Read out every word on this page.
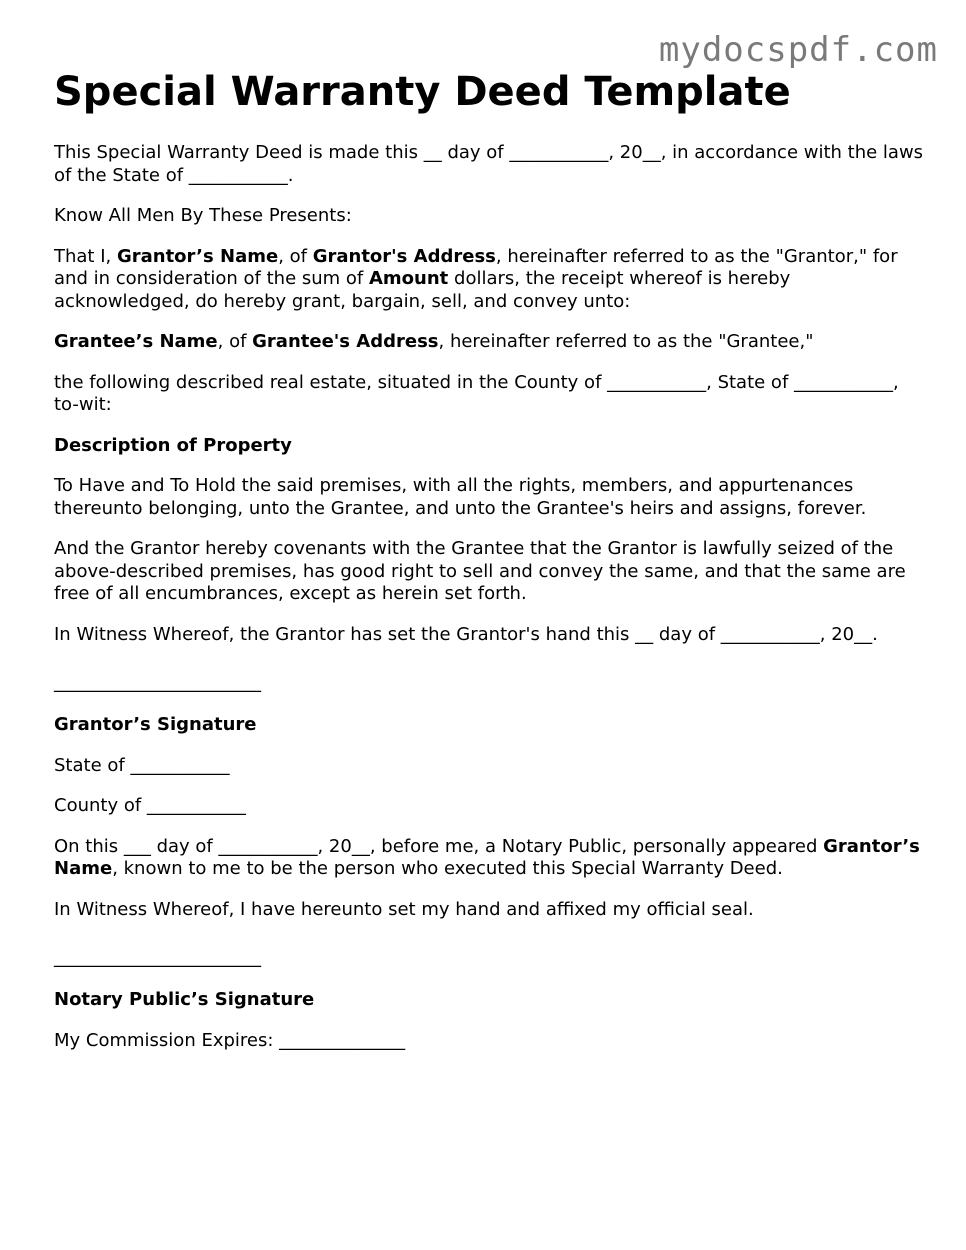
mydocspdf.com
Special Warranty Deed Template

This Special Warranty Deed is made this __ day of ___________, 20__, in accordance with the laws of the State of ___________.

Know All Men By These Presents:

That I, Grantor’s Name, of Grantor's Address, hereinafter referred to as the "Grantor," for and in consideration of the sum of Amount dollars, the receipt whereof is hereby acknowledged, do hereby grant, bargain, sell, and convey unto:

Grantee’s Name, of Grantee's Address, hereinafter referred to as the "Grantee,"

the following described real estate, situated in the County of ___________, State of ___________, to-wit:

Description of Property

To Have and To Hold the said premises, with all the rights, members, and appurtenances thereunto belonging, unto the Grantee, and unto the Grantee's heirs and assigns, forever.

And the Grantor hereby covenants with the Grantee that the Grantor is lawfully seized of the above-described premises, has good right to sell and convey the same, and that the same are free of all encumbrances, except as herein set forth.

In Witness Whereof, the Grantor has set the Grantor's hand this __ day of ___________, 20__.

_______________________

Grantor’s Signature

State of ___________

County of ___________

On this ___ day of ___________, 20__, before me, a Notary Public, personally appeared Grantor’s Name, known to me to be the person who executed this Special Warranty Deed.

In Witness Whereof, I have hereunto set my hand and affixed my official seal.

_______________________

Notary Public’s Signature

My Commission Expires: ______________
